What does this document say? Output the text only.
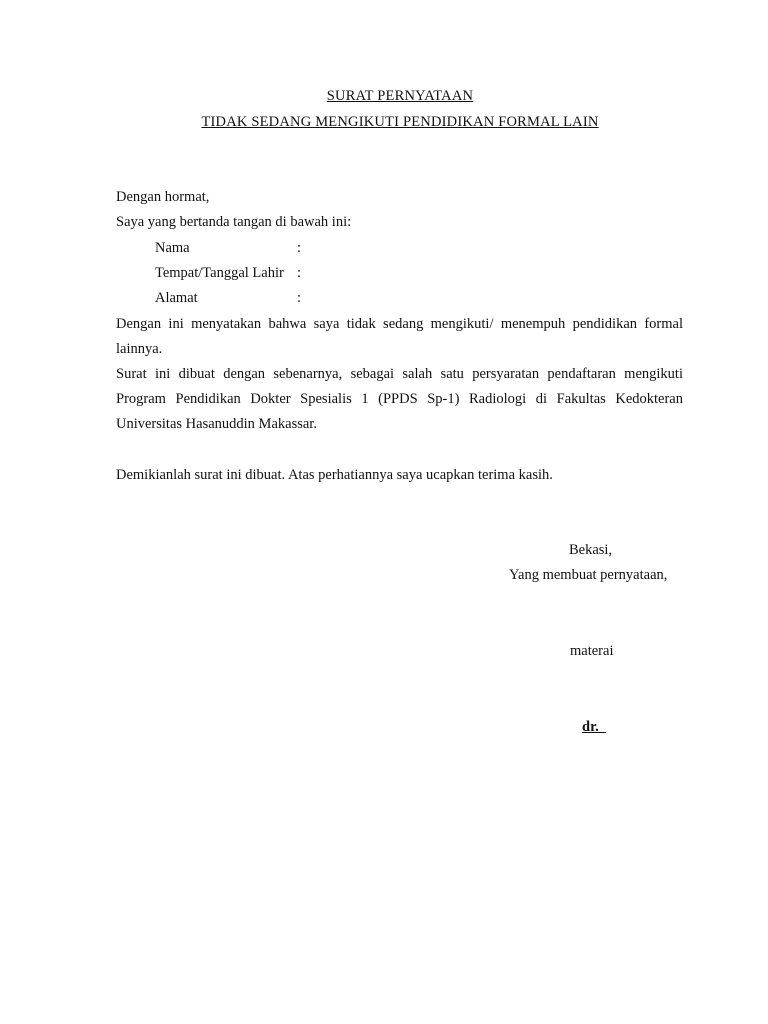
SURAT PERNYATAAN
TIDAK SEDANG MENGIKUTI PENDIDIKAN FORMAL LAIN
Dengan hormat,
Saya yang bertanda tangan di bawah ini:
Nama	:
Tempat/Tanggal Lahir :
Alamat	:
Dengan ini menyatakan bahwa saya tidak sedang mengikuti/ menempuh pendidikan formal
lainnya.
Surat ini dibuat dengan sebenarnya, sebagai salah satu persyaratan pendaftaran mengikuti
Program Pendidikan Dokter Spesialis 1 (PPDS Sp-1) Radiologi di Fakultas Kedokteran
Universitas Hasanuddin Makassar.
Demikianlah surat ini dibuat. Atas perhatiannya saya ucapkan terima kasih.
Bekasi,
Yang membuat pernyataan,
materai
dr.
